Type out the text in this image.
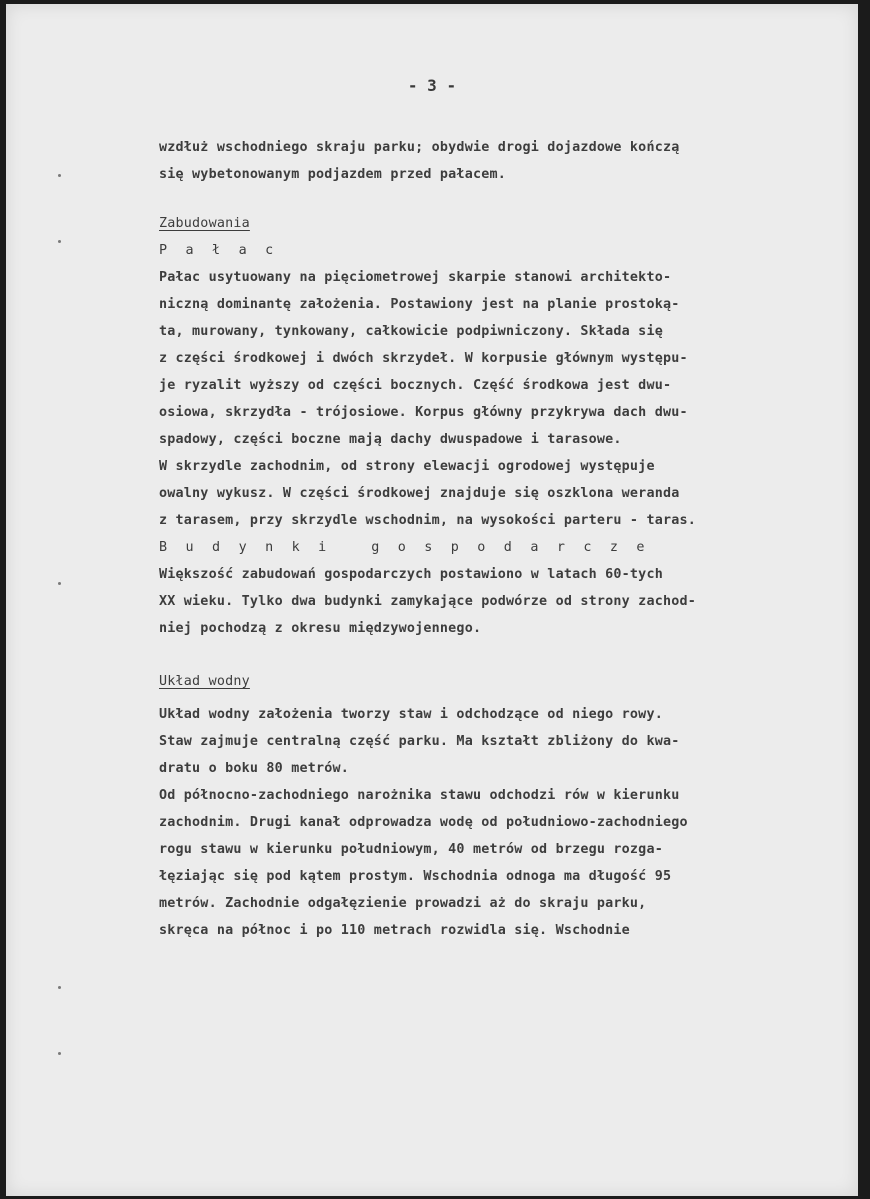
- 3 -
wzdłuż wschodniego skraju parku; obydwie drogi dojazdowe kończą
się wybetonowanym podjazdem przed pałacem.
Zabudowania
P a ł a c
Pałac usytuowany na pięciometrowej skarpie stanowi architekto-
niczną dominantę założenia. Postawiony jest na planie prostoką-
ta, murowany, tynkowany, całkowicie podpiwniczony. Składa się
z części środkowej i dwóch skrzydeł. W korpusie głównym występu-
je ryzalit wyższy od części bocznych. Część środkowa jest dwu-
osiowa, skrzydła - trójosiowe. Korpus główny przykrywa dach dwu-
spadowy, części boczne mają dachy dwuspadowe i tarasowe.
W skrzydle zachodnim, od strony elewacji ogrodowej występuje
owalny wykusz. W części środkowej znajduje się oszklona weranda
z tarasem, przy skrzydle wschodnim, na wysokości parteru - taras.
B u d y n k i   g o s p o d a r c z e
Większość zabudowań gospodarczych postawiono w latach 60-tych
XX wieku. Tylko dwa budynki zamykające podwórze od strony zachod-
niej pochodzą z okresu międzywojennego.
Układ wodny
Układ wodny założenia tworzy staw i odchodzące od niego rowy.
Staw zajmuje centralną część parku. Ma kształt zbliżony do kwa-
dratu o boku 80 metrów.
Od północno-zachodniego narożnika stawu odchodzi rów w kierunku
zachodnim. Drugi kanał odprowadza wodę od południowo-zachodniego
rogu stawu w kierunku południowym, 40 metrów od brzegu rozga-
łęziając się pod kątem prostym. Wschodnia odnoga ma długość 95
metrów. Zachodnie odgałęzienie prowadzi aż do skraju parku,
skręca na północ i po 110 metrach rozwidla się. Wschodnie
